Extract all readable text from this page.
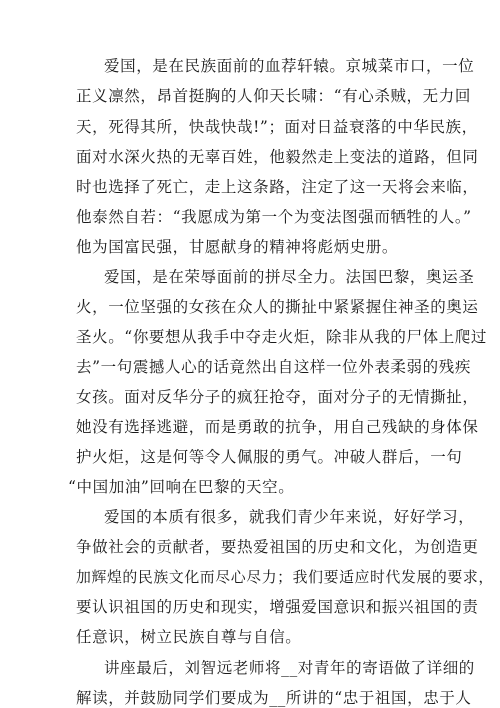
爱国，是在民族面前的血荐轩辕。京城菜市口，一位
正义凛然，昂首挺胸的人仰天长啸：“有心杀贼，无力回
天，死得其所，快哉快哉!”；面对日益衰落的中华民族，
面对水深火热的无辜百姓，他毅然走上变法的道路，但同
时也选择了死亡，走上这条路，注定了这一天将会来临，
他泰然自若：“我愿成为第一个为变法图强而牺牲的人。”
他为国富民强，甘愿献身的精神将彪炳史册。
爱国，是在荣辱面前的拼尽全力。法国巴黎，奥运圣
火，一位坚强的女孩在众人的撕扯中紧紧握住神圣的奥运
圣火。“你要想从我手中夺走火炬，除非从我的尸体上爬过
去”一句震撼人心的话竟然出自这样一位外表柔弱的残疾
女孩。面对反华分子的疯狂抢夺，面对分子的无情撕扯，
她没有选择逃避，而是勇敢的抗争，用自己残缺的身体保
护火炬，这是何等令人佩服的勇气。冲破人群后，一句
“中国加油”回响在巴黎的天空。
爱国的本质有很多，就我们青少年来说，好好学习，
争做社会的贡献者，要热爱祖国的历史和文化，为创造更
加辉煌的民族文化而尽心尽力；我们要适应时代发展的要求，
要认识祖国的历史和现实，增强爱国意识和振兴祖国的责
任意识，树立民族自尊与自信。
讲座最后，刘智远老师将__对青年的寄语做了详细的
解读，并鼓励同学们要成为__所讲的“忠于祖国，忠于人
